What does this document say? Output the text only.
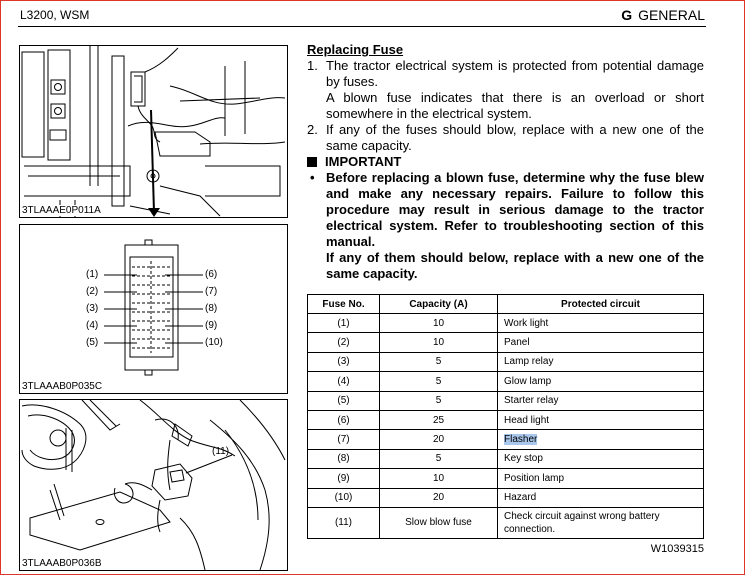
L3200, WSM	G GENERAL
3TLAAAE0P011A
(1)
(2)
(3)
(4)
(5)
(6)
(7)
(8)
(9)
(10)
3TLAAAB0P035C
(11)
3TLAAAB0P036B
Replacing Fuse
1. The tractor electrical system is protected from potential damage by fuses.
A blown fuse indicates that there is an overload or short somewhere in the electrical system.
2. If any of the fuses should blow, replace with a new one of the same capacity.
IMPORTANT
• Before replacing a blown fuse, determine why the fuse blew and make any necessary repairs. Failure to follow this procedure may result in serious damage to the tractor electrical system. Refer to troubleshooting section of this manual.
If any of them should below, replace with a new one of the same capacity.
Fuse No.	Capacity (A)	Protected circuit
(1)	10	Work light
(2)	10	Panel
(3)	5	Lamp relay
(4)	5	Glow lamp
(5)	5	Starter relay
(6)	25	Head light
(7)	20	Flasher
(8)	5	Key stop
(9)	10	Position lamp
(10)	20	Hazard
(11)	Slow blow fuse	Check circuit against wrong battery connection.
W1039315
